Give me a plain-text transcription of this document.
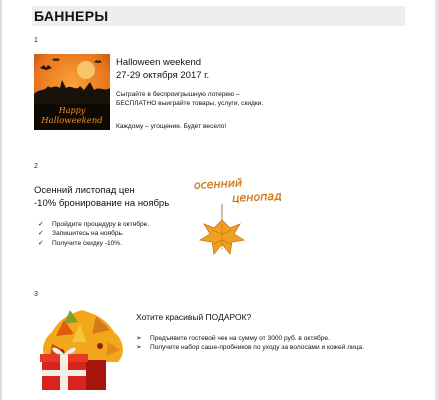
БАННЕРЫ
1
Happy
Halloweekend
Halloween weekend
27-29 октября 2017 г.
Сыграйте в беспроигрышную лотерею –
БЕСПЛАТНО выиграйте товары, услуги, скидки.
Каждому – угощение. Будет весело!
2
Осенний листопад цен
-10% бронирование на ноябрь
✓ Пройдите процедуру в октябре.
✓ Запишитесь на ноябрь.
✓ Получите скидку -10%.
осенний
ценопад
3
Хотите красивый ПОДАРОК?
➢ Предъявите гостевой чек на сумму от 3000 руб. в октябре.
➢ Получите набор саше-пробников по уходу за волосами и кожей лица.
